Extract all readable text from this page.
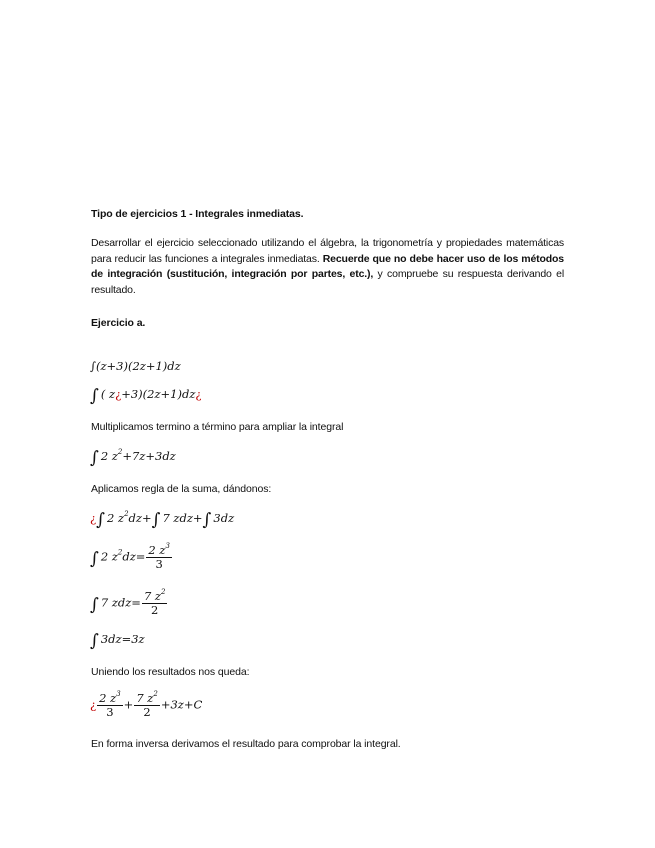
Tipo de ejercicios 1 - Integrales inmediatas.
Desarrollar el ejercicio seleccionado utilizando el álgebra, la trigonometría y propiedades matemáticas para reducir las funciones a integrales inmediatas. Recuerde que no debe hacer uso de los métodos de integración (sustitución, integración por partes, etc.), y compruebe su respuesta derivando el resultado.
Ejercicio a.
∫(z+3)(2z+1)dz
∫ ( z¿+3)(2z+1)dz¿
Multiplicamos termino a término para ampliar la integral
∫ 2 $z^2+7z+3dz$
Aplicamos regla de la suma, dándonos:
¿∫ 2 $z^2dz+\int$ 7 zdz+∫ 3dz
∫ 2 $z^2dz= \frac{2 z^3}{3}$
∫ 7 $zdz= \frac{7 z^2}{2}$
∫ 3dz=3z
Uniendo los resultados nos queda:
¿ $\frac{2 z^3}{3} + \frac{7 z^2}{2} +3z+C$
En forma inversa derivamos el resultado para comprobar la integral.
